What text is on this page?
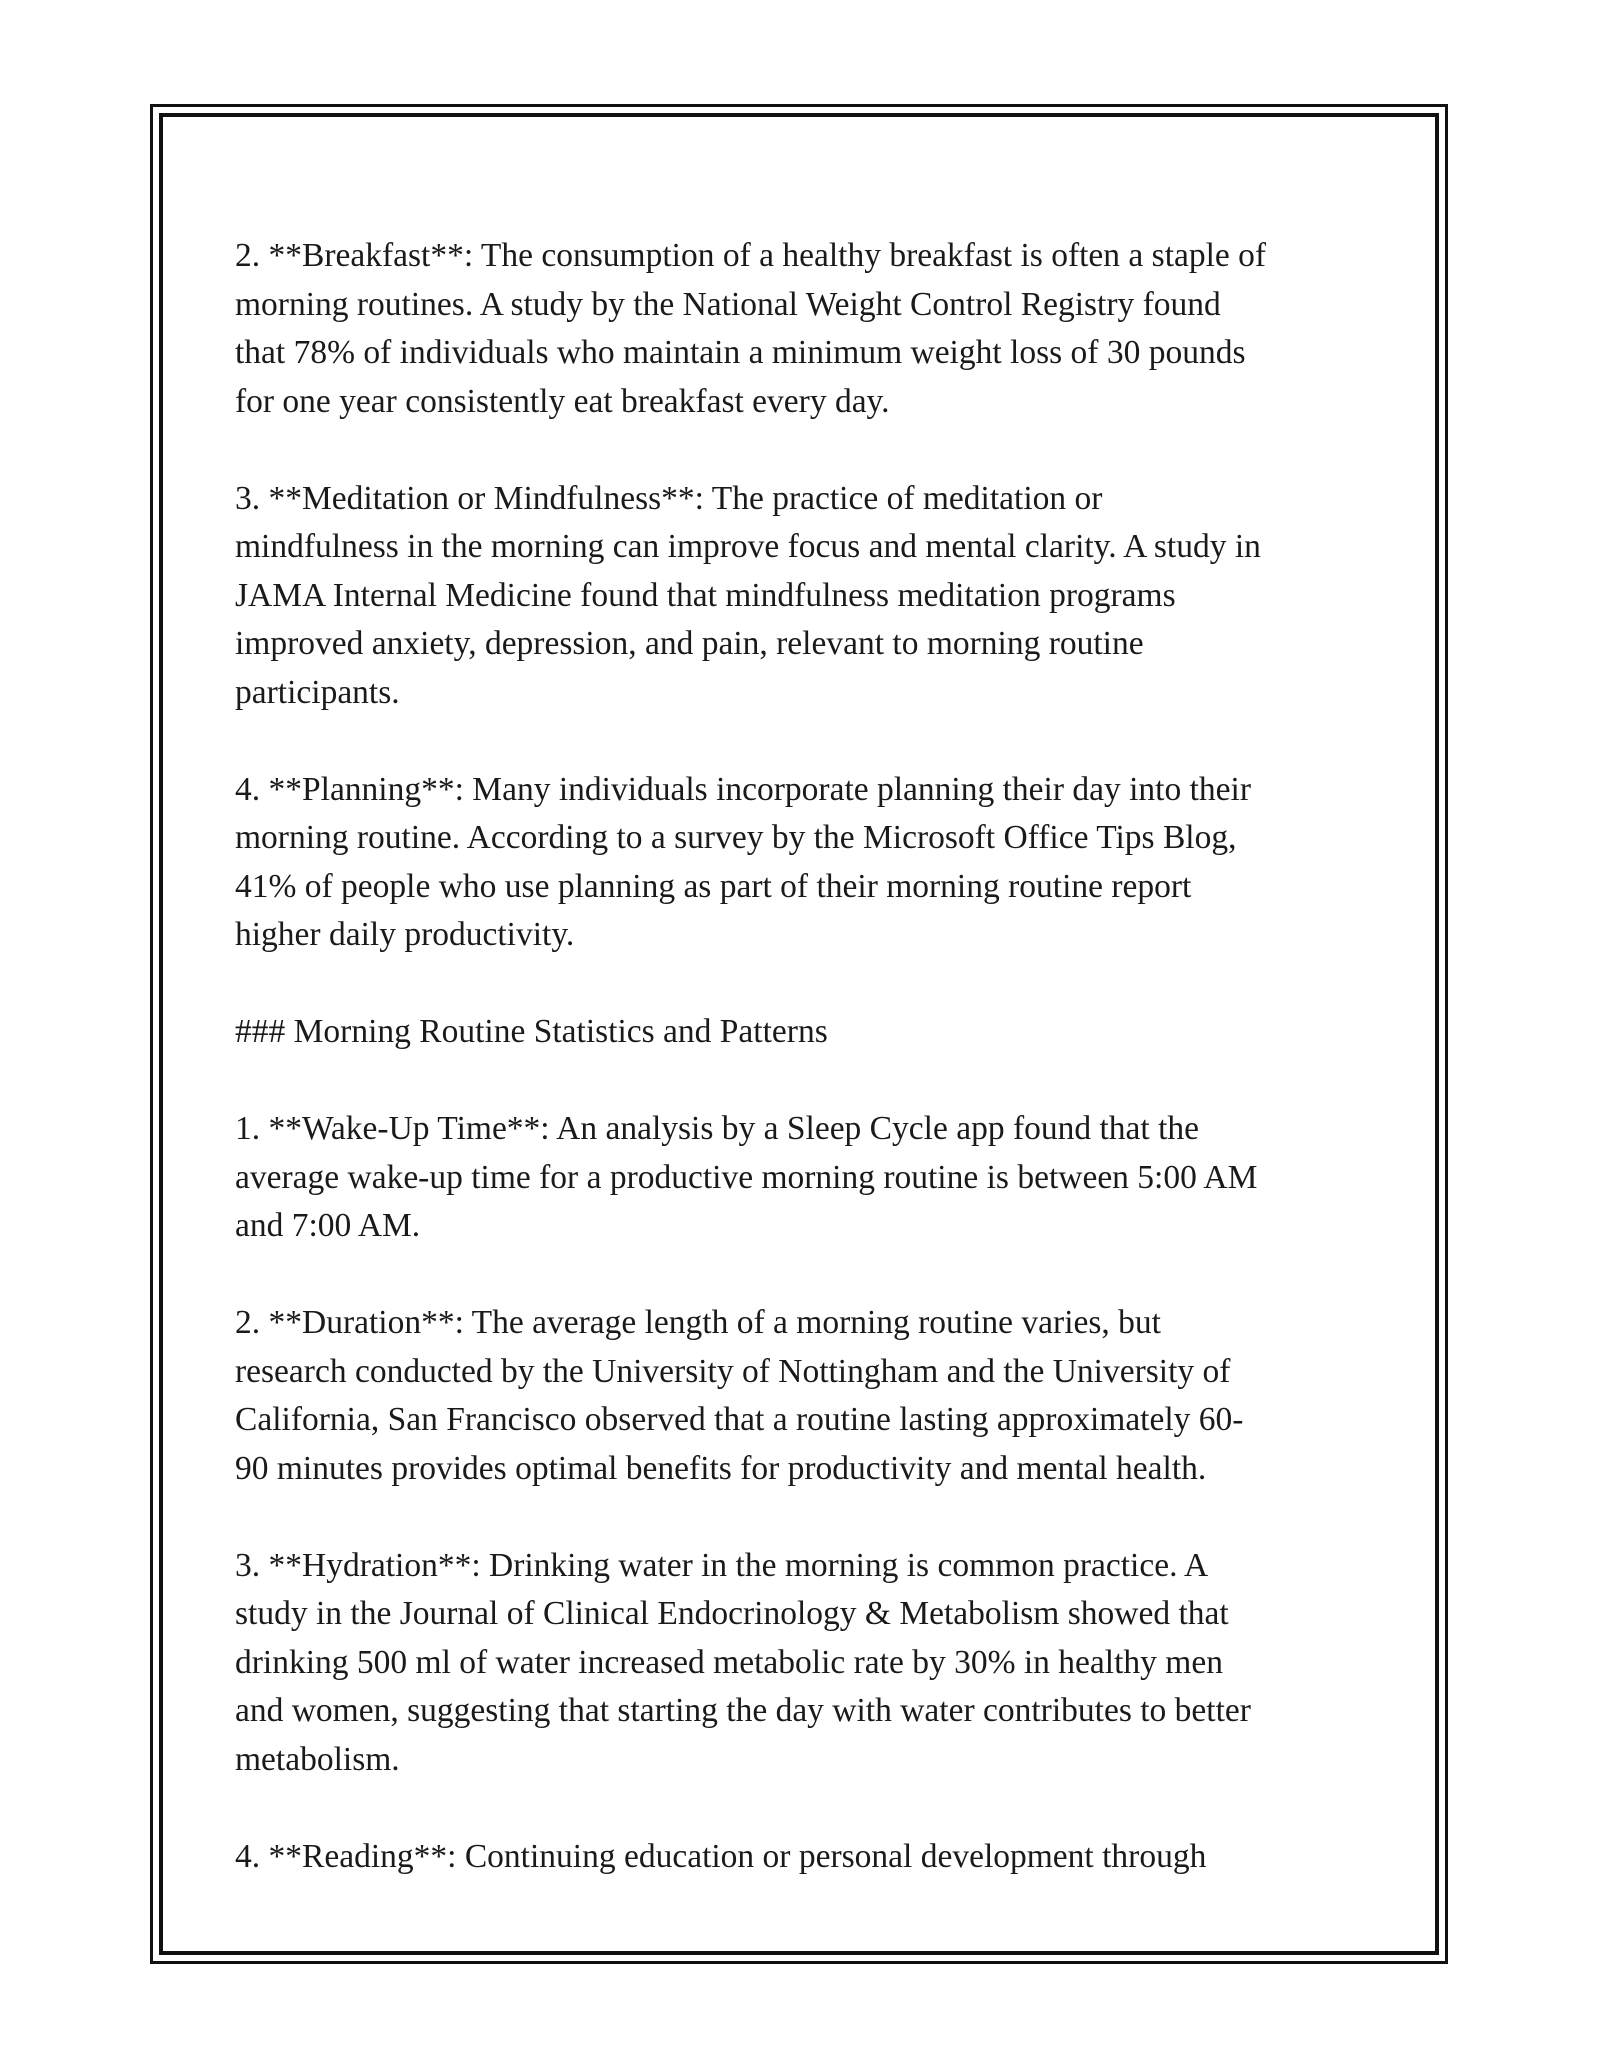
2. **Breakfast**: The consumption of a healthy breakfast is often a staple of
morning routines. A study by the National Weight Control Registry found
that 78% of individuals who maintain a minimum weight loss of 30 pounds
for one year consistently eat breakfast every day.

3. **Meditation or Mindfulness**: The practice of meditation or
mindfulness in the morning can improve focus and mental clarity. A study in
JAMA Internal Medicine found that mindfulness meditation programs
improved anxiety, depression, and pain, relevant to morning routine
participants.

4. **Planning**: Many individuals incorporate planning their day into their
morning routine. According to a survey by the Microsoft Office Tips Blog,
41% of people who use planning as part of their morning routine report
higher daily productivity.

### Morning Routine Statistics and Patterns

1. **Wake-Up Time**: An analysis by a Sleep Cycle app found that the
average wake-up time for a productive morning routine is between 5:00 AM
and 7:00 AM.

2. **Duration**: The average length of a morning routine varies, but
research conducted by the University of Nottingham and the University of
California, San Francisco observed that a routine lasting approximately 60-
90 minutes provides optimal benefits for productivity and mental health.

3. **Hydration**: Drinking water in the morning is common practice. A
study in the Journal of Clinical Endocrinology & Metabolism showed that
drinking 500 ml of water increased metabolic rate by 30% in healthy men
and women, suggesting that starting the day with water contributes to better
metabolism.

4. **Reading**: Continuing education or personal development through
